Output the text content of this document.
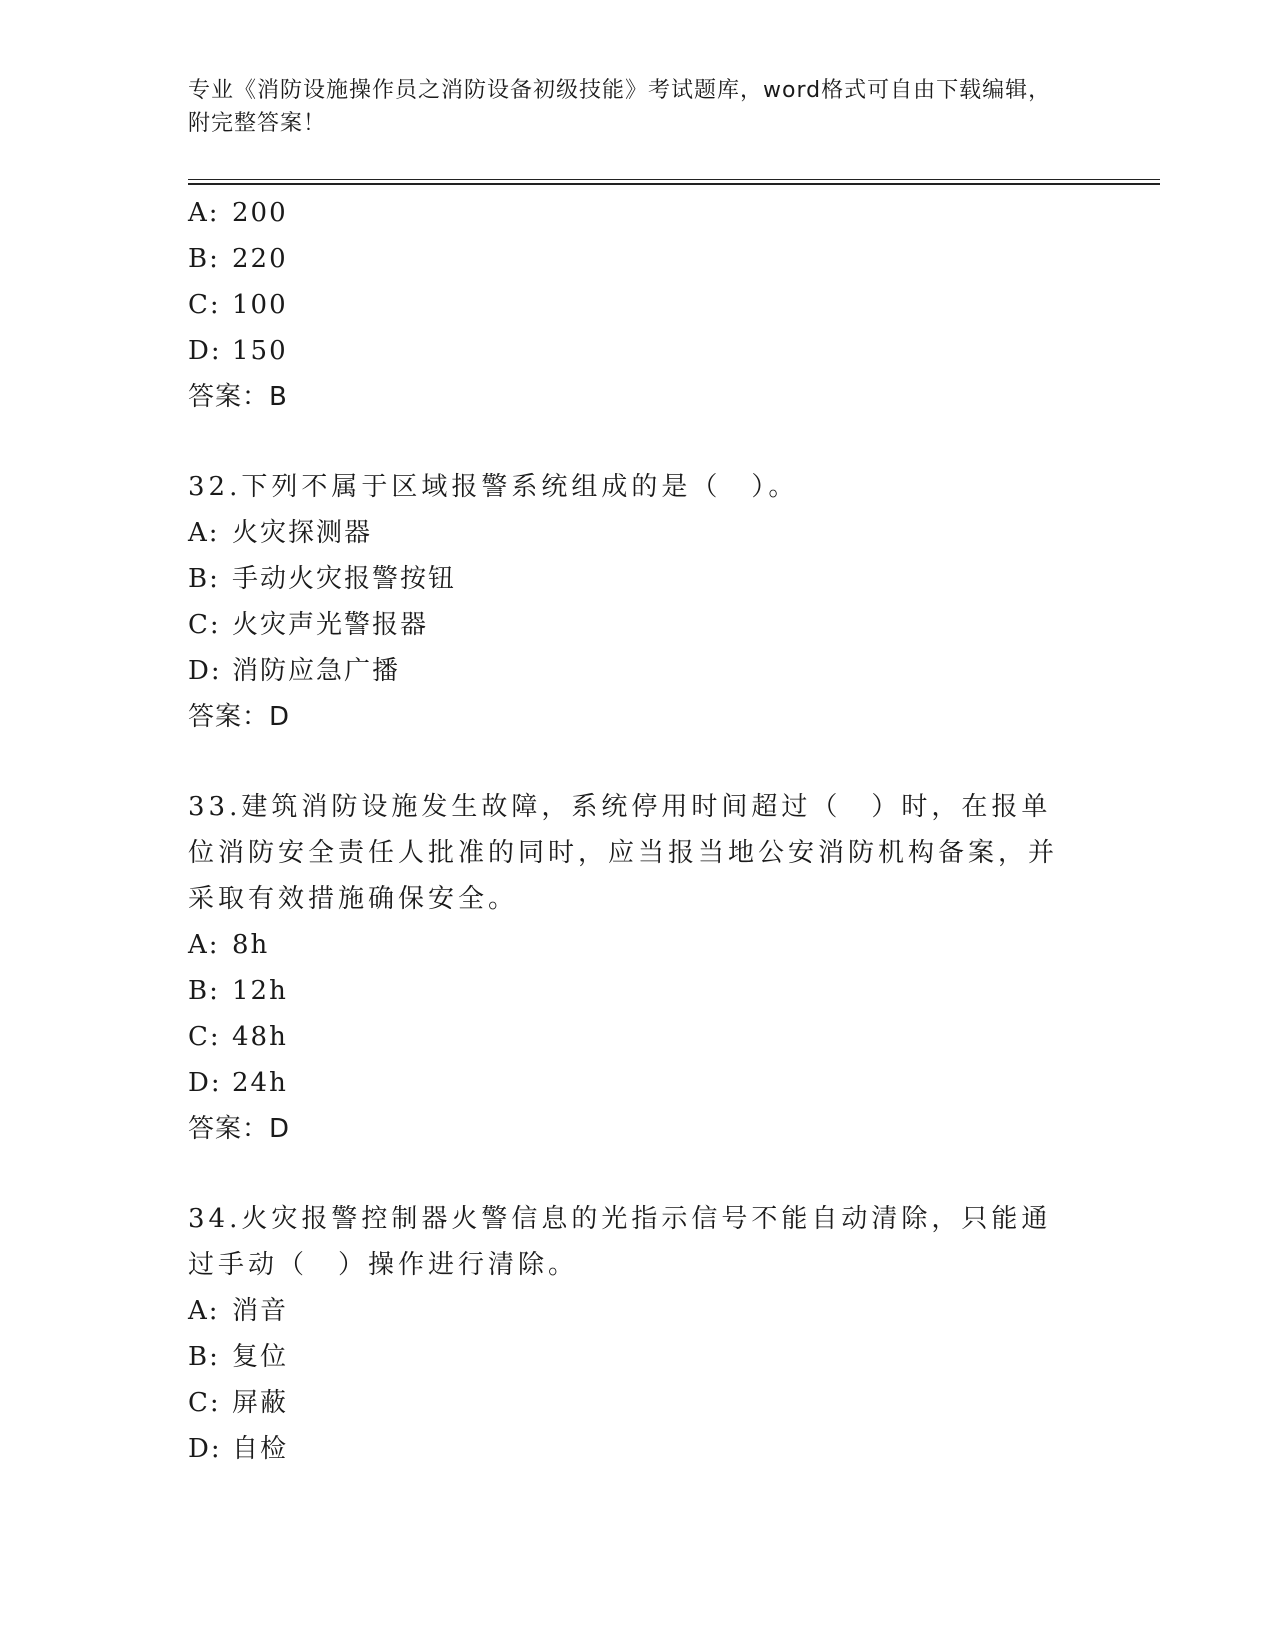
专业《消防设施操作员之消防设备初级技能》考试题库，word格式可自由下载编辑，附完整答案！
A: 200
B: 220
C: 100
D: 150
答案：B
32.下列不属于区域报警系统组成的是（　）。
A: 火灾探测器
B: 手动火灾报警按钮
C: 火灾声光警报器
D: 消防应急广播
答案：D
33.建筑消防设施发生故障，系统停用时间超过（　）时，在报单位消防安全责任人批准的同时，应当报当地公安消防机构备案，并采取有效措施确保安全。
A: 8h
B: 12h
C: 48h
D: 24h
答案：D
34.火灾报警控制器火警信息的光指示信号不能自动清除，只能通过手动（　）操作进行清除。
A: 消音
B: 复位
C: 屏蔽
D: 自检
